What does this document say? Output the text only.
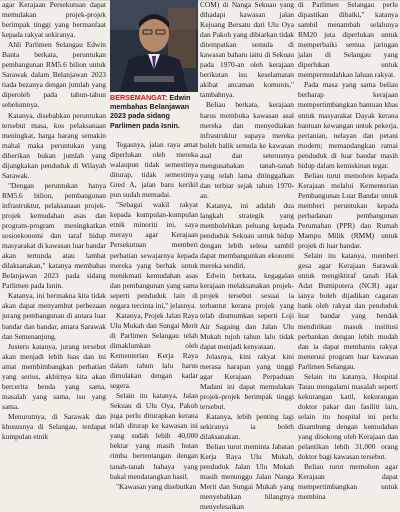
agar Kerajaan Persekutuan dapat memulakan projek-projek berimpak tinggi yang bermanfaat kepada rakyat sekiranya.

Ahli Parlimen Selangau Edwin Banta berkata, peruntukan pembangunan RM5.6 bilion untuk Sarawak dalam Belanjawan 2023 tiada bezanya dengan jumlah yang diperoleh pada tahun-tahun sebelumnya.

Katanya, disebabkan peruntukan tersebut masa, kos pelaksanaan meningkat, harga barang semakin mahal maka peruntukan yang diberikan bukan jumlah yang dijangkakan penduduk di Wilayah Sarawak.

"Dengan peruntukan hanya RM5.6 bilion, pembangunan infrastruktur, pelaksanaan projek-projek kemudahan asas dan program-program meningkatkan sosioekonomi dan taraf hidup masyarakat di kawasan luar bandar akan tertunda atau lambat dilaksanakan," katanya membahas Belanjawan 2023 pada sidang Parlimen pada Isnin.

Katanya, ini bermakna kita tidak akan dapat menyambut perbezaan jurang pembangunan di antara luar bandar dan bandar, antara Sarawak dan Semenanjung.

Justeru katanya, jurang tersebut akan menjadi lebih luas dan ini amat membimbangkan perhatian yang serius, akhirnya kita akan bercerita benda yang sama, masalah yang sama, isu yang sama.

Menurutnya, di Sarawak dan khususnya di Selangau, terdapat kumpulan etnik

BERSEMANGAT: Edwin membahas Belanjawan 2023 pada sidang Parlimen pada Isnin.

Tegasnya, jalan raya amat diperlukan oleh mereka walaupun tidak semestinya diturap, tidak semestinya Gred A, jalan baru kerikil pun sudah memadai.

"Sebagai wakil rakyat kepada kumpulan-kumpulan etnik minoriti ini, saya merayu agar Kerajaan Persekutuan memberi perhatian sewajarnya kepada mereka yang berhak untuk menikmati kemudahan asas dan pembangunan yang sama seperti penduduk lain di negara tercinta ini," jelasnya.

Katanya, Projek Jalan Raya Ulu Mukah dan Sungai Merit di Parlimen Selangau telah dimaklumkan oleh Kementerian Kerja Raya dalam tahun lalu harus dimulakan dengan kadar segera.

Selain itu katanya, Jalan Sekuau di Ulu Oya, Pakoh juga perlu diturapkan kerana telah diturap ke kawasan ini yang sudah lebih 40,000 bektar yang masih hutan rimba bertentangan dengan tanah-tanah bahaya yang bakal mendatangkan hasil.

"Kawasan yang disebutkan

COM) di Nanga Sekuau yang dihadapi kawasan jalan Kejuang Bersatu dari Ulu Oya dan Pakoh yang dibiarkan tidak ditempatkan semula di kawasan baharu iaitu di Sekuau pada 1970-an oleh kerajaan berikutan isu keselamatan akibat ancaman komunis," tambahnya.

Beliau berkata, kerajaan harus membuka kawasan asal mereka dan menyediakan infrastruktur supaya mereka boleh balik semula ke kawasan asal dan seterusnya mengusahakan tanah-tanah yang telah lama ditinggalkan dan terbiar sejak tahun 1970-an.

Katanya, ini adalah dua langkah strategik yang membolehkan peluang kepada penduduk Sekuau untuk hidup dengan lebih selesa sambil dapat membangunkan ekonomi mereka sendiri.

Edwin berkata, kegagalan kerajaan melaksanakan projek-projek tersebut sesuai ia terbantut kerana projek yang telah diumumkan seperti Loji Air Sagaing dan Jalan Ulu Mukah tujuh tahun lalu tidak dapat menjadi kenyataan.

Jelasnya, kini rakyat kini merasa harapan yang tinggi agar Kerajaan Perpaduan Madani ini dapat memulakan projek-projek berimpak tinggi tersebut.

Katanya, lebih penting lagi sekiranya ia boleh dilaksanakan.

Beliau turut meminta Jabatan Kerja Raya Ulu Mukah, penduduk Jalan Ulu Mukah masih menunggu Jalan Nanga Merit dan Sungai Mukah yang menyebabkan hilangnya menyelesaikan

di Parlimen Selangau perlu dipastikan dibaiki," katanya sambil menambah selalunya RM20 juta diperlukan untuk memperbaiki semua jaringan jalan di Selangau yang diperlukan untuk mempermudahkan laluan rakyat.

Pada masa yang sama beliau berharap kerajaan mempertimbangkan bantuan khas untuk masyarakat Dayak kerana bantuan kewangan untuk pekerja, pertanian, nelayan dan petani modern; memandangkan ramai penduduk di luar bandar masih hidup dalam kemiskinan tegar.

Beliau turut memohon kepada Kerajaan melalui Kementerian Pembangunan Luar Bandar untuk memberi peruntukan kepada perbadanan pembangunan Perumahan (PPR) dan Rumah Mampu Milik (RMM) untuk projek di luar bandar.

Selain itu katanya, memberi gesa agar Kerajaan Sarawak untuk mengiktiraf tanah Hak Adat Bumiputera (NCR) agar ianya boleh dijadikan cagaran bank oleh rakyat dan penduduk luar bandar yang hendak mendirikan masuk institusi perbankan dengan lebih mudah dan ia dapat membantu rakyat menerusi program luar kawasan Parlimen Selangau.

Selain itu katanya, Hospital Tatau mengalami masalah seperti kekurangan katil, kekurangan doktor pakar dan fasiliti lain, selain itu hospital ini perlu disambung dengan kemudahan yang disokong oleh Kerajaan dan pelantikan lebih 31,000 orang doktor bagi kawasan tersebut.

Beliau turut memohon agar Kerajaan dapat mempertimbangkan untuk membina
